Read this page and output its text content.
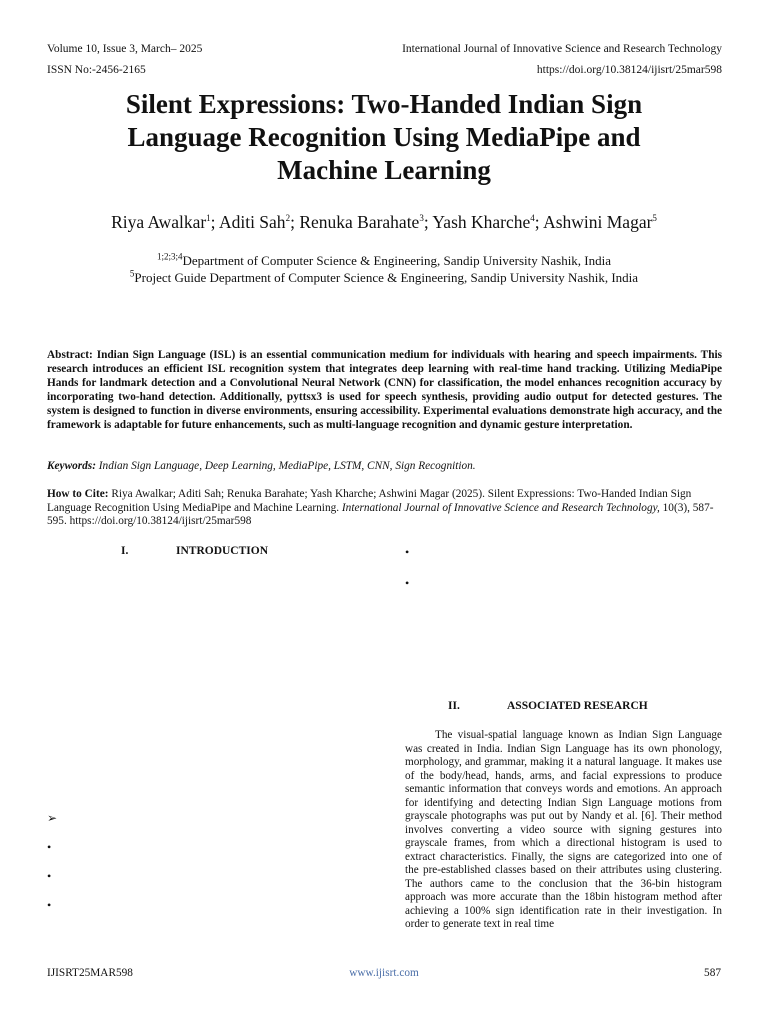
Volume 10, Issue 3, March– 2025	International Journal of Innovative Science and Research Technology
ISSN No:-2456-2165	https://doi.org/10.38124/ijisrt/25mar598
Silent Expressions: Two-Handed Indian Sign
Language Recognition Using MediaPipe and
Machine Learning
Riya Awalkar$^1$; Aditi Sah$^2$; Renuka Barahate$^3$; Yash Kharche$^4$; Ashwini Magar$^5$
$^{1;2;3;4}$Department of Computer Science & Engineering, Sandip University Nashik, India
$^5$Project Guide Department of Computer Science & Engineering, Sandip University Nashik, India
Abstract: Indian Sign Language (ISL) is an essential communication medium for individuals with hearing and speech impairments. This research introduces an efficient ISL recognition system that integrates deep learning with real-time hand tracking. Utilizing MediaPipe Hands for landmark detection and a Convolutional Neural Network (CNN) for classification, the model enhances recognition accuracy by incorporating two-hand detection. Additionally, pyttsx3 is used for speech synthesis, providing audio output for detected gestures. The system is designed to function in diverse environments, ensuring accessibility. Experimental evaluations demonstrate high accuracy, and the framework is adaptable for future enhancements, such as multi-language recognition and dynamic gesture interpretation.
Keywords: Indian Sign Language, Deep Learning, MediaPipe, LSTM, CNN, Sign Recognition.
How to Cite: Riya Awalkar; Aditi Sah; Renuka Barahate; Yash Kharche; Ashwini Magar (2025). Silent Expressions: Two-Handed Indian Sign Language Recognition Using MediaPipe and Machine Learning. International Journal of Innovative Science and Research Technology, 10(3), 587-595. https://doi.org/10.38124/ijisrt/25mar598
I.	INTRODUCTION	•
•
➢
•
•
•
II.	ASSOCIATED RESEARCH
The visual-spatial language known as Indian Sign Language was created in India. Indian Sign Language has its own phonology, morphology, and grammar, making it a natural language. It makes use of the body/head, hands, arms, and facial expressions to produce semantic information that conveys words and emotions. An approach for identifying and detecting Indian Sign Language motions from grayscale photographs was put out by Nandy et al. [6]. Their method involves converting a video source with signing gestures into grayscale frames, from which a directional histogram is used to extract characteristics. Finally, the signs are categorized into one of the pre-established classes based on their attributes using clustering. The authors came to the conclusion that the 36-bin histogram approach was more accurate than the 18bin histogram method after achieving a 100% sign identification rate in their investigation. In order to generate text in real time
IJISRT25MAR598	www.ijisrt.com	587
